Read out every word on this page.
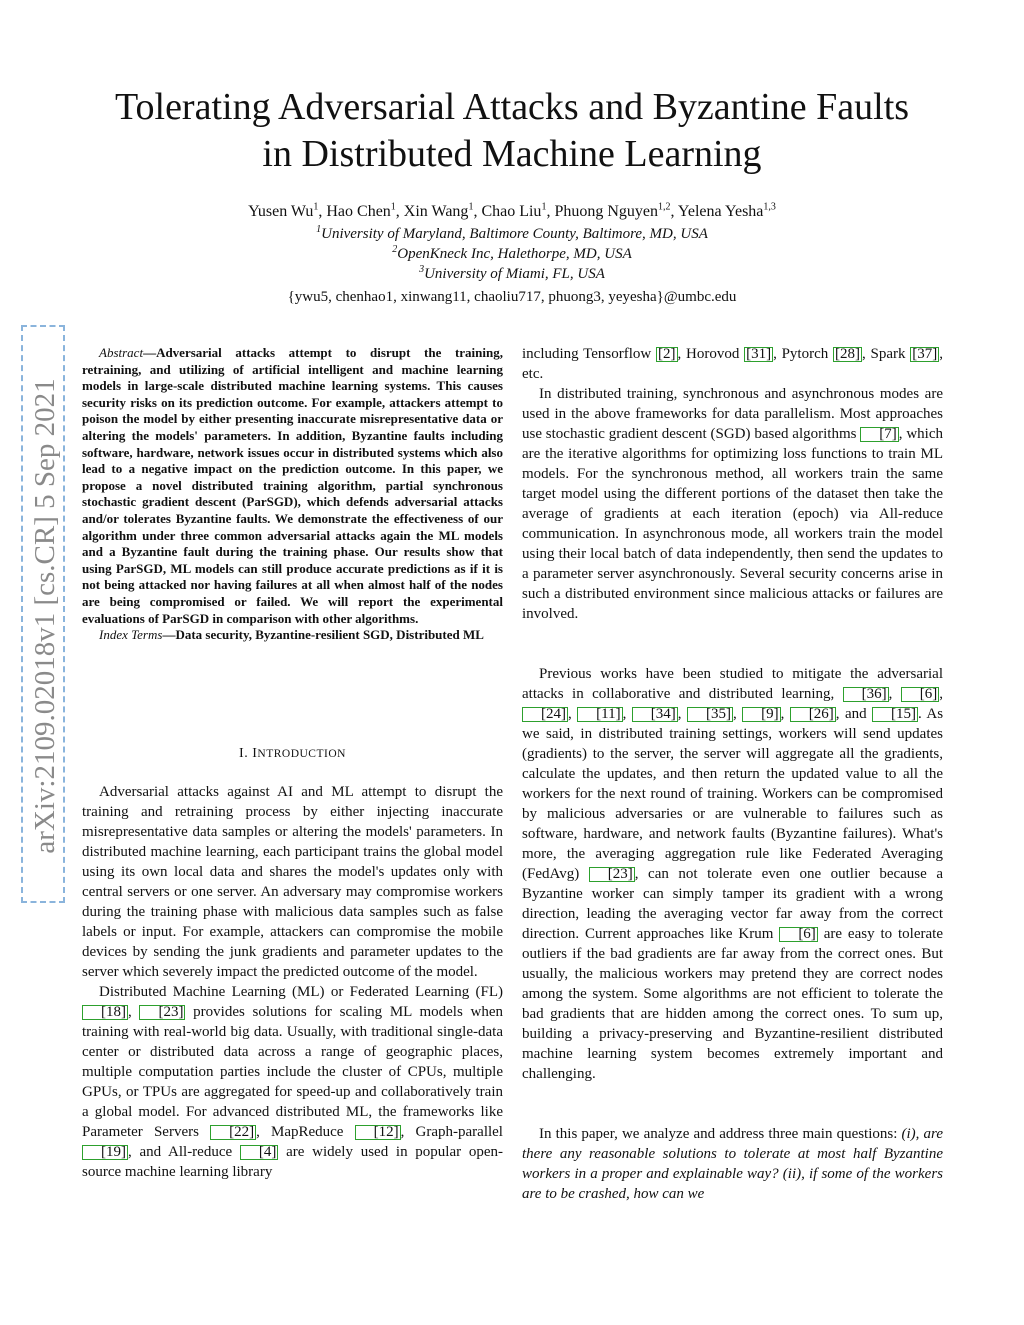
arXiv:2109.02018v1 [cs.CR] 5 Sep 2021
Tolerating Adversarial Attacks and Byzantine Faults
in Distributed Machine Learning
Yusen Wu$^1$, Hao Chen$^1$, Xin Wang$^1$, Chao Liu$^1$, Phuong Nguyen$^{1,2}$, Yelena Yesha$^{1,3}$
$^1$University of Maryland, Baltimore County, Baltimore, MD, USA
$^2$OpenKneck Inc, Halethorpe, MD, USA
$^3$University of Miami, FL, USA
{ywu5, chenhao1, xinwang11, chaoliu717, phuong3, yeyesha}@umbc.edu

Abstract—Adversarial attacks attempt to disrupt the training, retraining, and utilizing of artificial intelligent and machine learning models in large-scale distributed machine learning systems. This causes security risks on its prediction outcome. For example, attackers attempt to poison the model by either presenting inaccurate misrepresentative data or altering the models' parameters. In addition, Byzantine faults including software, hardware, network issues occur in distributed systems which also lead to a negative impact on the prediction outcome. In this paper, we propose a novel distributed training algorithm, partial synchronous stochastic gradient descent (ParSGD), which defends adversarial attacks and/or tolerates Byzantine faults. We demonstrate the effectiveness of our algorithm under three common adversarial attacks again the ML models and a Byzantine fault during the training phase. Our results show that using ParSGD, ML models can still produce accurate predictions as if it is not being attacked nor having failures at all when almost half of the nodes are being compromised or failed. We will report the experimental evaluations of ParSGD in comparison with other algorithms.

Index Terms—Data security, Byzantine-resilient SGD, Distributed ML

I. INTRODUCTION

Adversarial attacks against AI and ML attempt to disrupt the training and retraining process by either injecting inaccurate misrepresentative data samples or altering the models' parameters. In distributed machine learning, each participant trains the global model using its own local data and shares the model's updates only with central servers or one server. An adversary may compromise workers during the training phase with malicious data samples such as false labels or input. For example, attackers can compromise the mobile devices by sending the junk gradients and parameter updates to the server which severely impact the predicted outcome of the model.

Distributed Machine Learning (ML) or Federated Learning (FL) [18] , [23] provides solutions for scaling ML models when training with real-world big data. Usually, with traditional single-data center or distributed data across a range of geographic places, multiple computation parties include the cluster of CPUs, multiple GPUs, or TPUs are aggregated for speed-up and collaboratively train a global model. For advanced distributed ML, the frameworks like Parameter Servers [22] , MapReduce [12] , Graph-parallel [19] , and All-reduce [4] are widely used in popular open-source machine learning library

including Tensorflow [2] , Horovod [31] , Pytorch [28] , Spark [37] , etc.

In distributed training, synchronous and asynchronous modes are used in the above frameworks for data parallelism. Most approaches use stochastic gradient descent (SGD) based algorithms [7] , which are the iterative algorithms for optimizing loss functions to train ML models. For the synchronous method, all workers train the same target model using the different portions of the dataset then take the average of gradients at each iteration (epoch) via All-reduce communication. In asynchronous mode, all workers train the model using their local batch of data independently, then send the updates to a parameter server asynchronously. Several security concerns arise in such a distributed environment since malicious attacks or failures are involved.

Previous works have been studied to mitigate the adversarial attacks in collaborative and distributed learning, [36] , [6] , [24] , [11] , [34] , [35] , [9] , [26] , and [15] . As we said, in distributed training settings, workers will send updates (gradients) to the server, the server will aggregate all the gradients, calculate the updates, and then return the updated value to all the workers for the next round of training. Workers can be compromised by malicious adversaries or are vulnerable to failures such as software, hardware, and network faults (Byzantine failures). What's more, the averaging aggregation rule like Federated Averaging (FedAvg) [23] , can not tolerate even one outlier because a Byzantine worker can simply tamper its gradient with a wrong direction, leading the averaging vector far away from the correct direction. Current approaches like Krum [6] are easy to tolerate outliers if the bad gradients are far away from the correct ones. But usually, the malicious workers may pretend they are correct nodes among the system. Some algorithms are not efficient to tolerate the bad gradients that are hidden among the correct ones. To sum up, building a privacy-preserving and Byzantine-resilient distributed machine learning system becomes extremely important and challenging.

In this paper, we analyze and address three main questions: (i), are there any reasonable solutions to tolerate at most half Byzantine workers in a proper and explainable way? (ii), if some of the workers are to be crashed, how can we
